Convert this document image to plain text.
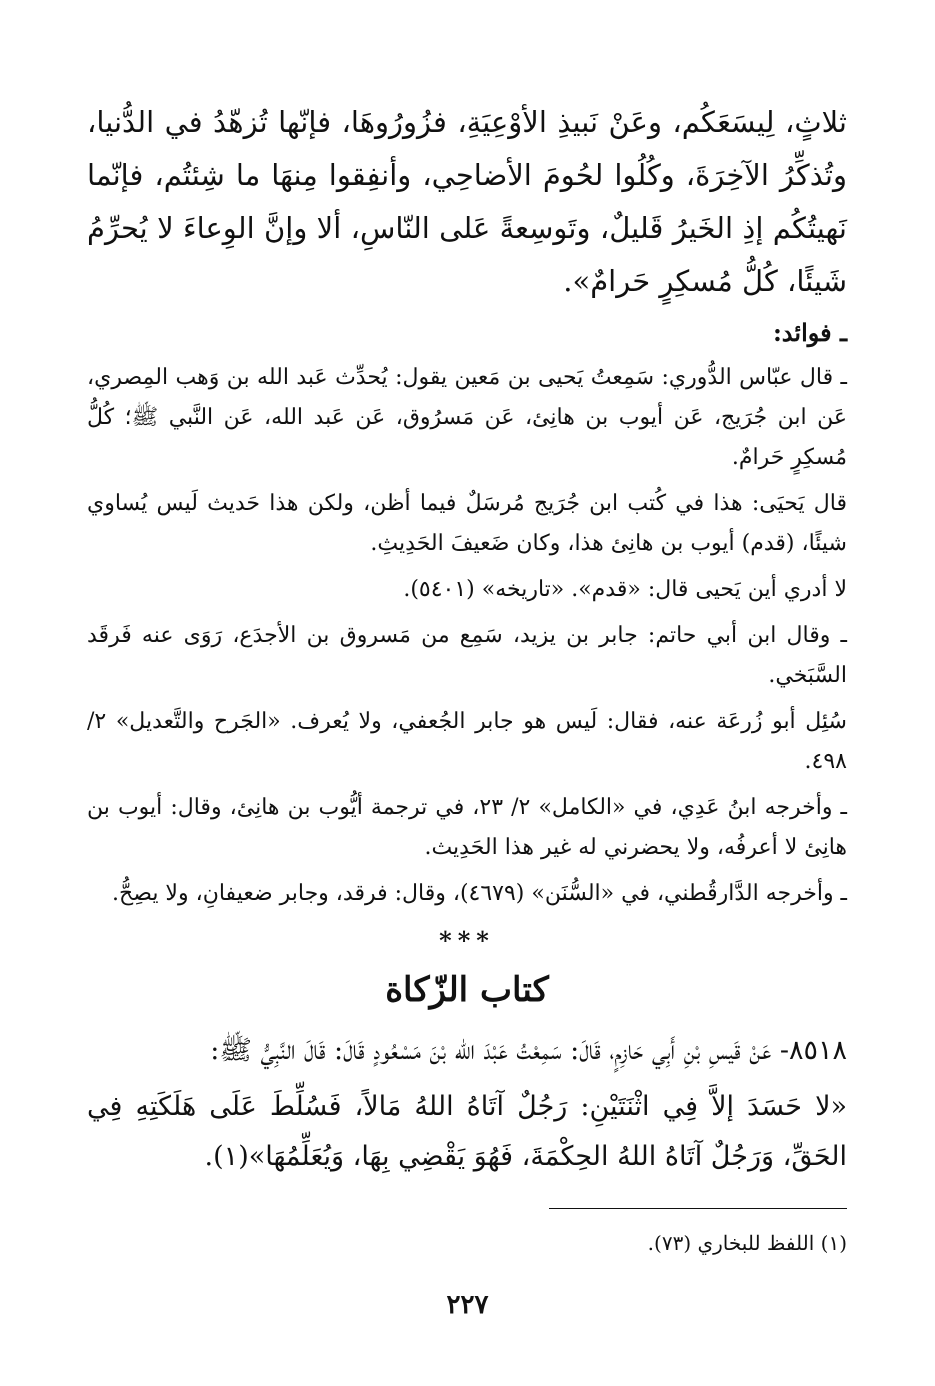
ثلاثٍ، لِيسَعَكُم، وعَنْ نَبيذِ الأوْعِيَةِ، فزُورُوهَا، فإنّها تُزهّدُ في الدُّنيا، وتُذكِّرُ الآخِرَةَ، وكُلُوا لحُومَ الأضاحِي، وأنفِقوا مِنهَا ما شِئتُم، فإنّما نَهيتُكُم إذِ الخَيرُ قَليلٌ، وتَوسِعةً عَلى النّاسِ، ألا وإنَّ الوِعاءَ لا يُحرِّمُ شَيئًا، كُلُّ مُسكِرٍ حَرامٌ».

ـ فوائد:

ـ قال عبّاس الدُّوري: سَمِعتُ يَحيى بن مَعين يقول: يُحدِّث عَبد الله بن وَهب المِصري، عَن ابن جُرَيج، عَن أيوب بن هانِئ، عَن مَسرُوق، عَن عَبد الله، عَن النَّبي ﷺ؛ كُلُّ مُسكِرٍ حَرامٌ.

قال يَحيَى: هذا في كُتب ابن جُرَيج مُرسَلٌ فيما أظن، ولكن هذا حَديث لَيس يُساوي شيئًا، (قدم) أيوب بن هانِئ هذا، وكان ضَعيفَ الحَدِيثِ.

لا أدري أين يَحيى قال: «قدم». «تاريخه» (٥٤٠١).

ـ وقال ابن أبي حاتم: جابر بن يزيد، سَمِع من مَسروق بن الأجدَع، رَوَى عنه فَرقَد السَّبَخي.

سُئِل أبو زُرعَة عنه، فقال: لَيس هو جابر الجُعفي، ولا يُعرف. «الجَرح والتَّعديل» ٢/ ٤٩٨.

ـ وأخرجه ابنُ عَدِي، في «الكامل» ٢/ ٢٣، في ترجمة أيُّوب بن هانِئ، وقال: أيوب بن هانِئ لا أعرفُه، ولا يحضرني له غير هذا الحَدِيث.

ـ وأخرجه الدَّارقُطني، في «السُّنَن» (٤٦٧٩)، وقال: فرقد، وجابر ضعيفانِ، ولا يصِحُّ.

***
كتاب الزّكاة

٨٥١٨- عَنْ قَيسِ بْنِ أَبِي حَازِمٍ، قَالَ: سَمِعْتُ عَبْدَ الله بْنَ مَسْعُودٍ قَالَ: قَالَ النَّبِيُّ ﷺ:

«لا حَسَدَ إلاَّ فِي اثْنَتَيْنِ: رَجُلٌ آتَاهُ اللهُ مَالاً، فَسُلِّطَ عَلَى هَلَكَتِهِ فِي الحَقِّ، وَرَجُلٌ آتَاهُ اللهُ الحِكْمَةَ، فَهُوَ يَقْضِي بِهَا، وَيُعَلِّمُهَا»(١).

(١) اللفظ للبخاري (٧٣).
٢٢٧
